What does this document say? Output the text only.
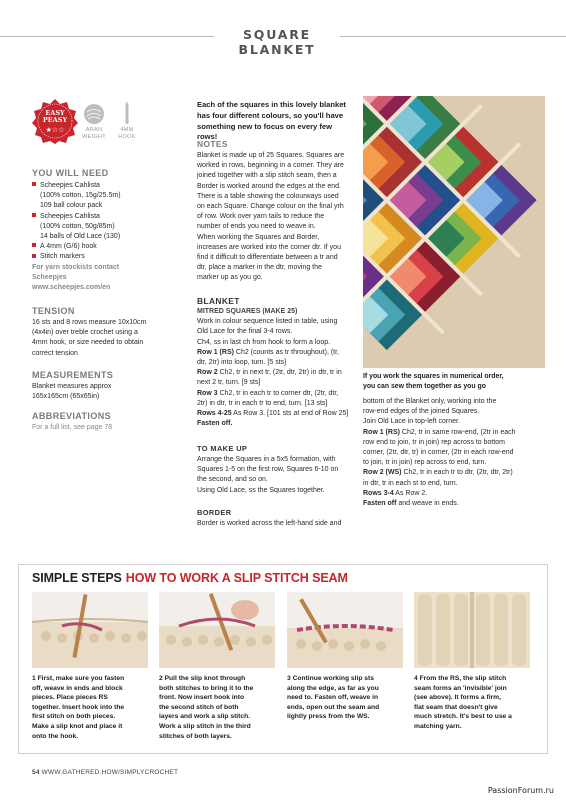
SQUARE BLANKET
EASY
PEASY
★☆☆	ARAN WEIGHT
4MM HOOK
YOU WILL NEED
Scheepjes Cahlista
(100% cotton, 15g/25.5m)
109 ball colour pack
Scheepjes Cahlista
(100% cotton, 50g/85m)
14 balls of Old Lace (130)
A 4mm (G/6) hook
Stitch markers
For yarn stockists contact
Scheepjes
www.scheepjes.com/en
TENSION
16 sts and 8 rows measure 10x10cm
(4x4in) over treble crochet using a
4mm hook, or size needed to obtain
correct tension
MEASUREMENTS
Blanket measures approx
165x165cm (65x65in)
ABBREVIATIONS
For a full list, see page 78
Each of the squares in this lovely blanket
has four different colours, so you'll have
something new to focus on every few rows!
NOTES
Blanket is made up of 25 Squares. Squares are
worked in rows, beginning in a corner. They are
joined together with a slip stitch seam, then a
Border is worked around the edges at the end.
There is a table showing the colourways used
on each Square. Change colour on the final yrh
of row. Work over yarn tails to reduce the
number of ends you need to weave in.
When working the Squares and Border,
increases are worked into the corner dtr. If you
find it difficult to differentiate between a tr and
dtr, place a marker in the dtr, moving the
marker up as you go.
BLANKET
MITRED SQUARES (MAKE 25)
Work in colour sequence listed in table, using
Old Lace for the final 3-4 rows.
Ch4, ss in last ch from hook to form a loop.
Row 1 (RS) Ch2 (counts as tr throughout), (tr,
dtr, 2tr) into loop, turn. [5 sts]
Row 2 Ch2, tr in next tr, (2tr, dtr, 2tr) in dtr, tr in
next 2 tr, turn. [9 sts]
Row 3 Ch2, tr in each tr to corner dtr, (2tr, dtr,
2tr) in dtr, tr in each tr to end, turn. [13 sts]
Rows 4-25 As Row 3. [101 sts at end of Row 25]
Fasten off.
TO MAKE UP
Arrange the Squares in a 5x5 formation, with
Squares 1-5 on the first row, Squares 6-10 on
the second, and so on.
Using Old Lace, ss the Squares together.
BORDER
Border is worked across the left-hand side and
If you work the squares in numerical order,
you can sew them together as you go
bottom of the Blanket only, working into the
row-end edges of the joined Squares.
Join Old Lace in top-left corner.
Row 1 (RS) Ch2, tr in same row-end, (2tr in each
row end to join, tr in join) rep across to bottom
corner, (2tr, dtr, tr) in corner, (2tr in each row-end
to join, tr in join) rep across to end, turn.
Row 2 (WS) Ch2, tr in each tr to dtr, (2tr, dtr, 2tr)
in dtr, tr in each st to end, turn.
Rows 3-4 As Row 2.
Fasten off and weave in ends.
SIMPLE STEPS HOW TO WORK A SLIP STITCH SEAM
1 First, make sure you fasten
off, weave in ends and block
pieces. Place pieces RS
together. Insert hook into the
first stitch on both pieces.
Make a slip knot and place it
onto the hook.
2 Pull the slip knot through
both stitches to bring it to the
front. Now insert hook into
the second stitch of both
layers and work a slip stitch.
Work a slip stitch in the third
stitches of both layers.
3 Continue working slip sts
along the edge, as far as you
need to. Fasten off, weave in
ends, open out the seam and
lightly press from the WS.
4 From the RS, the slip stitch
seam forms an 'invisible' join
(see above). It forms a firm,
flat seam that doesn't give
much stretch. It's best to use a
matching yarn.
54 WWW.GATHERED.HOW/SIMPLYCROCHET
PassionForum.ru
